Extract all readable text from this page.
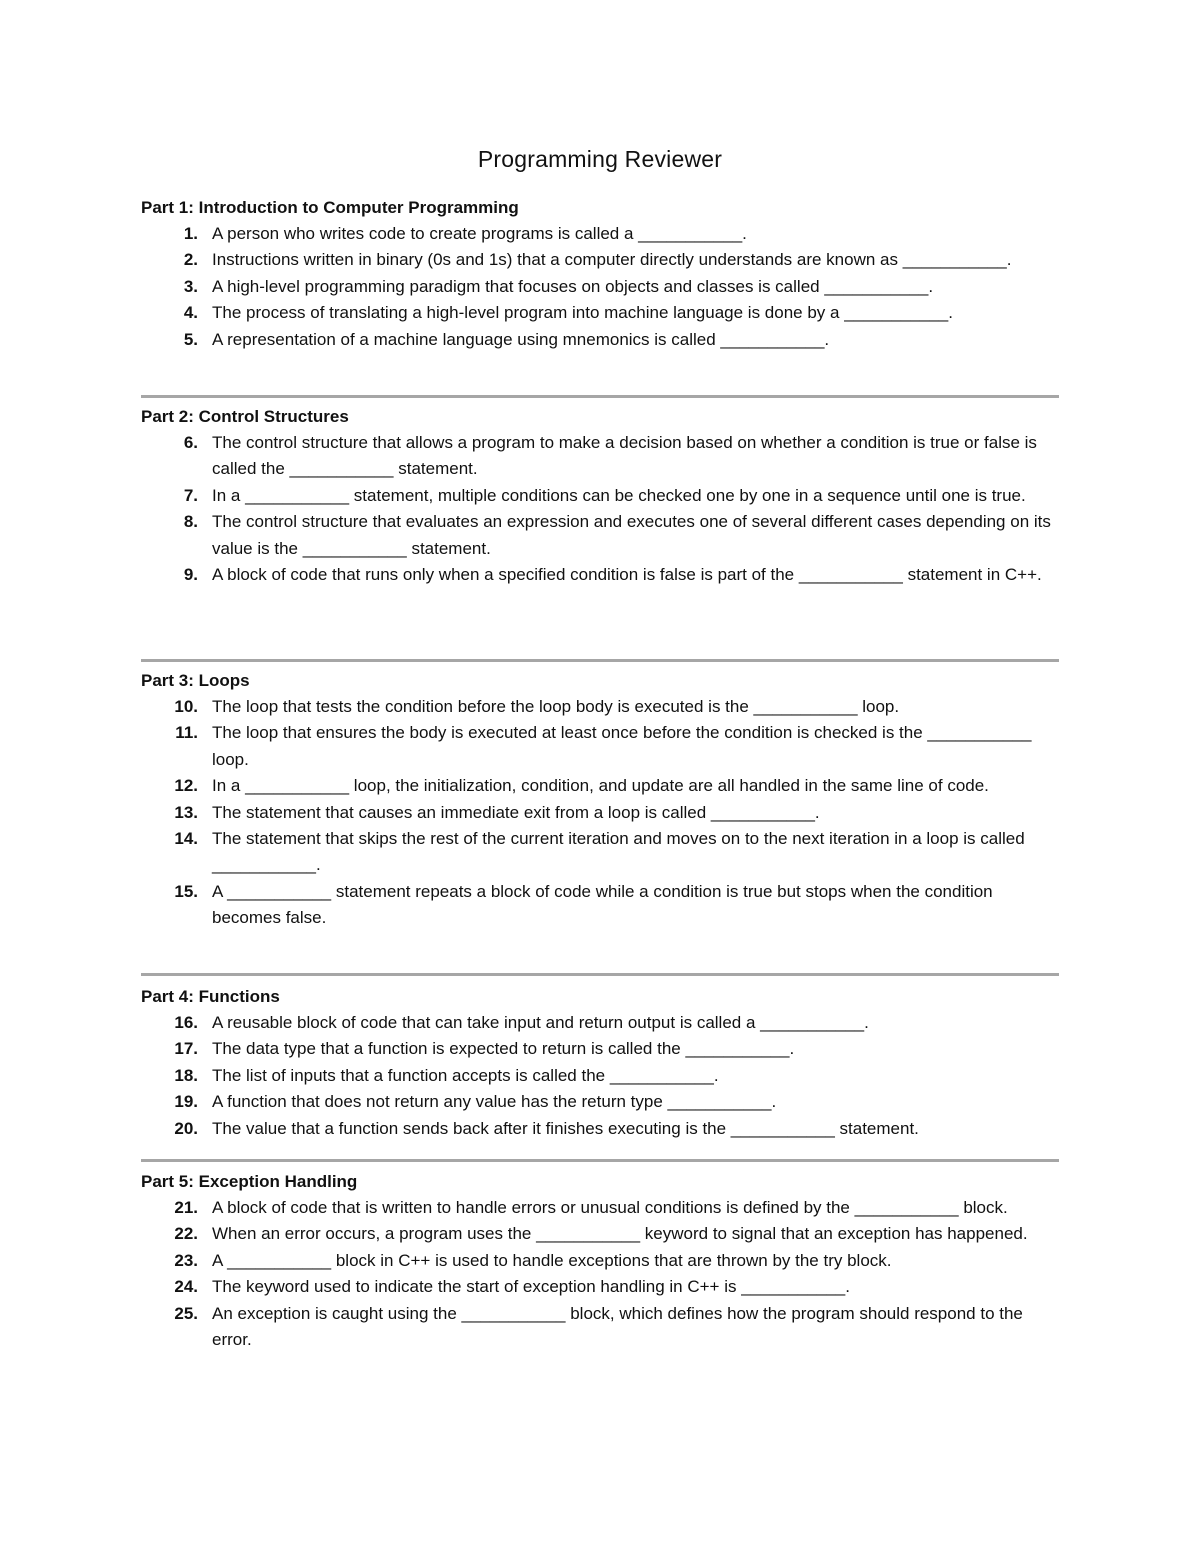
Programming Reviewer
Part 1: Introduction to Computer Programming
1. A person who writes code to create programs is called a ___________.
2. Instructions written in binary (0s and 1s) that a computer directly understands are known as ___________.
3. A high-level programming paradigm that focuses on objects and classes is called ___________.
4. The process of translating a high-level program into machine language is done by a ___________.
5. A representation of a machine language using mnemonics is called ___________.
Part 2: Control Structures
6. The control structure that allows a program to make a decision based on whether a condition is true or false is called the ___________ statement.
7. In a ___________ statement, multiple conditions can be checked one by one in a sequence until one is true.
8. The control structure that evaluates an expression and executes one of several different cases depending on its value is the ___________ statement.
9. A block of code that runs only when a specified condition is false is part of the ___________ statement in C++.
Part 3: Loops
10. The loop that tests the condition before the loop body is executed is the ___________ loop.
11. The loop that ensures the body is executed at least once before the condition is checked is the ___________ loop.
12. In a ___________ loop, the initialization, condition, and update are all handled in the same line of code.
13. The statement that causes an immediate exit from a loop is called ___________.
14. The statement that skips the rest of the current iteration and moves on to the next iteration in a loop is called ___________.
15. A ___________ statement repeats a block of code while a condition is true but stops when the condition becomes false.
Part 4: Functions
16. A reusable block of code that can take input and return output is called a ___________.
17. The data type that a function is expected to return is called the ___________.
18. The list of inputs that a function accepts is called the ___________.
19. A function that does not return any value has the return type ___________.
20. The value that a function sends back after it finishes executing is the ___________ statement.
Part 5: Exception Handling
21. A block of code that is written to handle errors or unusual conditions is defined by the ___________ block.
22. When an error occurs, a program uses the ___________ keyword to signal that an exception has happened.
23. A ___________ block in C++ is used to handle exceptions that are thrown by the try block.
24. The keyword used to indicate the start of exception handling in C++ is ___________.
25. An exception is caught using the ___________ block, which defines how the program should respond to the error.
